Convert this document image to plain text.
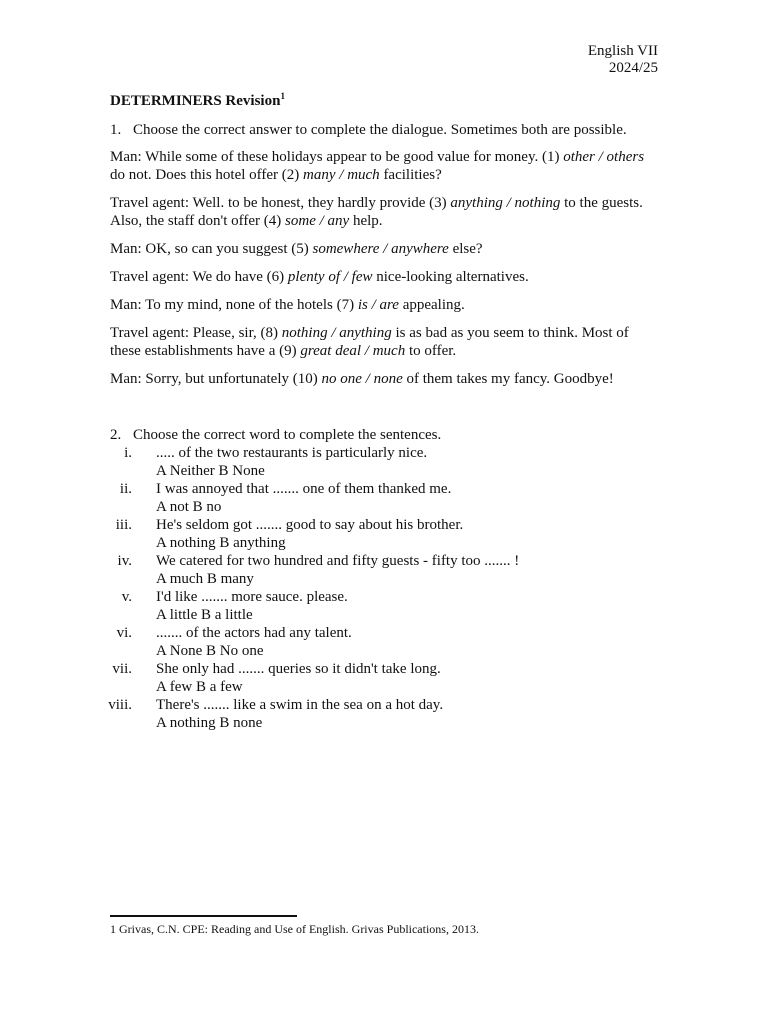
English VII
2024/25
DETERMINERS Revision$^1$
1. Choose the correct answer to complete the dialogue. Sometimes both are possible.
Man: While some of these holidays appear to be good value for money. (1) other / others do not. Does this hotel offer (2) many / much facilities?
Travel agent: Well. to be honest, they hardly provide (3) anything / nothing to the guests. Also, the staff don't offer (4) some / any help.
Man: OK, so can you suggest (5) somewhere / anywhere else?
Travel agent: We do have (6) plenty of / few nice-looking alternatives.
Man: To my mind, none of the hotels (7) is / are appealing.
Travel agent: Please, sir, (8) nothing / anything is as bad as you seem to think. Most of these establishments have a (9) great deal / much to offer.
Man: Sorry, but unfortunately (10) no one / none of them takes my fancy. Goodbye!
2. Choose the correct word to complete the sentences.
i. ..... of the two restaurants is particularly nice.
A Neither B None
ii. I was annoyed that ....... one of them thanked me.
A not B no
iii. He's seldom got ....... good to say about his brother.
A nothing B anything
iv. We catered for two hundred and fifty guests - fifty too ....... !
A much B many
v. I'd like ....... more sauce. please.
A little B a little
vi. ....... of the actors had any talent.
A None B No one
vii. She only had ....... queries so it didn't take long.
A few B a few
viii. There's ....... like a swim in the sea on a hot day.
A nothing B none
1 Grivas, C.N. CPE: Reading and Use of English. Grivas Publications, 2013.
